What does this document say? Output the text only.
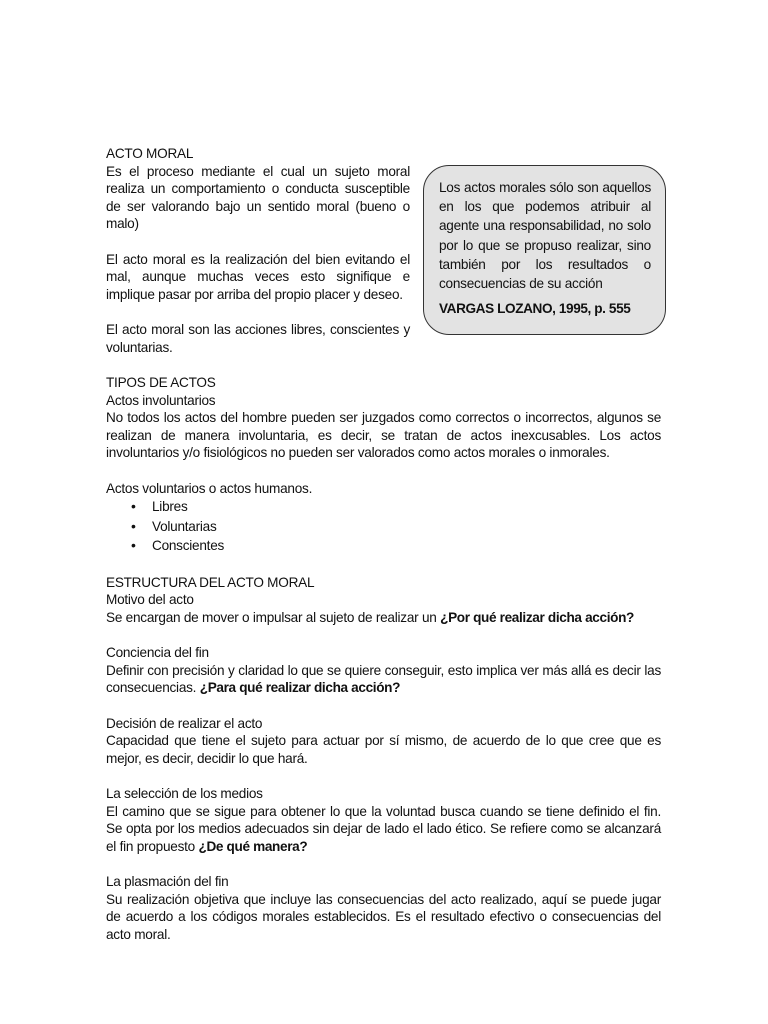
Los actos morales sólo son aquellos en los que podemos atribuir al agente una responsabilidad, no solo por lo que se propuso realizar, sino también por los resultados o consecuencias de su acción

VARGAS LOZANO, 1995, p. 555
ACTO MORAL

Es el proceso mediante el cual un sujeto moral realiza un comportamiento o conducta susceptible de ser valorando bajo un sentido moral (bueno o malo)

El acto moral es la realización del bien evitando el mal, aunque muchas veces esto signifique e implique pasar por arriba del propio placer y deseo.

El acto moral son las acciones libres, conscientes y voluntarias.

TIPOS DE ACTOS
Actos involuntarios

No todos los actos del hombre pueden ser juzgados como correctos o incorrectos, algunos se realizan de manera involuntaria, es decir, se tratan de actos inexcusables. Los actos involuntarios y/o fisiológicos no pueden ser valorados como actos morales o inmorales.

Actos voluntarios o actos humanos.
• Libres
• Voluntarias
• Conscientes
ESTRUCTURA DEL ACTO MORAL
Motivo del acto

Se encargan de mover o impulsar al sujeto de realizar un ¿Por qué realizar dicha acción?

Conciencia del fin

Definir con precisión y claridad lo que se quiere conseguir, esto implica ver más allá es decir las consecuencias. ¿Para qué realizar dicha acción?

Decisión de realizar el acto

Capacidad que tiene el sujeto para actuar por sí mismo, de acuerdo de lo que cree que es mejor, es decir, decidir lo que hará.

La selección de los medios

El camino que se sigue para obtener lo que la voluntad busca cuando se tiene definido el fin. Se opta por los medios adecuados sin dejar de lado el lado ético. Se refiere como se alcanzará el fin propuesto ¿De qué manera?

La plasmación del fin

Su realización objetiva que incluye las consecuencias del acto realizado, aquí se puede jugar de acuerdo a los códigos morales establecidos. Es el resultado efectivo o consecuencias del acto moral.
